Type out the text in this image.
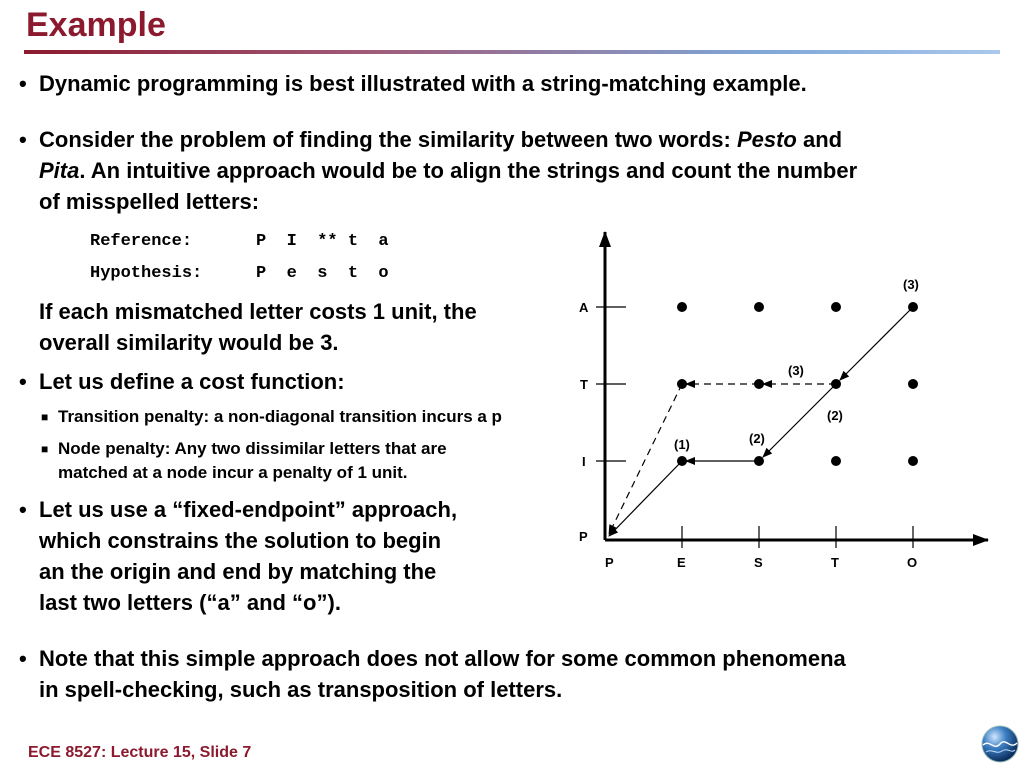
Example
• Dynamic programming is best illustrated with a string-matching example.
• Consider the problem of finding the similarity between two words: Pesto and
Pita. An intuitive approach would be to align the strings and count the number
of misspelled letters:
Reference:	P  I  ** t  a
Hypothesis:	P  e  s  t  o
If each mismatched letter costs 1 unit, the
overall similarity would be 3.
• Let us define a cost function:
■ Transition penalty: a non-diagonal transition incurs a p
■ Node penalty: Any two dissimilar letters that are
matched at a node incur a penalty of 1 unit.
• Let us use a “fixed-endpoint” approach,
which constrains the solution to begin
an the origin and end by matching the
last two letters (“a” and “o”).
• Note that this simple approach does not allow for some common phenomena
in spell-checking, such as transposition of letters.
A
T
I
P
P	E	S	T	O
(1)	(2)
(2)
(3)
(3)
ECE 8527: Lecture 15, Slide 7
